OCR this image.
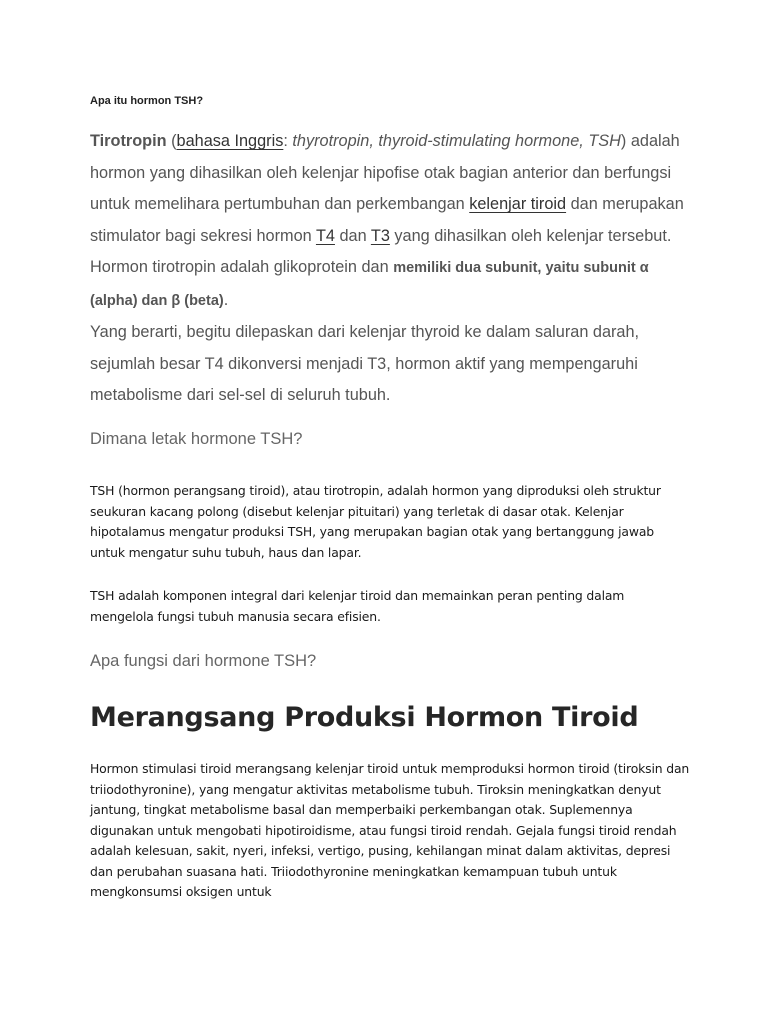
Apa itu hormon TSH?

Tirotropin (bahasa Inggris: thyrotropin, thyroid-stimulating hormone, TSH) adalah hormon yang dihasilkan oleh kelenjar hipofise otak bagian anterior dan berfungsi untuk memelihara pertumbuhan dan perkembangan kelenjar tiroid dan merupakan stimulator bagi sekresi hormon T4 dan T3 yang dihasilkan oleh kelenjar tersebut. Hormon tirotropin adalah glikoprotein dan memiliki dua subunit, yaitu subunit α (alpha) dan β (beta).
Yang berarti, begitu dilepaskan dari kelenjar thyroid ke dalam saluran darah, sejumlah besar T4 dikonversi menjadi T3, hormon aktif yang mempengaruhi metabolisme dari sel-sel di seluruh tubuh.

Dimana letak hormone TSH?

TSH (hormon perangsang tiroid), atau tirotropin, adalah hormon yang diproduksi oleh struktur seukuran kacang polong (disebut kelenjar pituitari) yang terletak di dasar otak. Kelenjar hipotalamus mengatur produksi TSH, yang merupakan bagian otak yang bertanggung jawab untuk mengatur suhu tubuh, haus dan lapar.

TSH adalah komponen integral dari kelenjar tiroid dan memainkan peran penting dalam mengelola fungsi tubuh manusia secara efisien.

Apa fungsi dari hormone TSH?

Merangsang Produksi Hormon Tiroid

Hormon stimulasi tiroid merangsang kelenjar tiroid untuk memproduksi hormon tiroid (tiroksin dan triiodothyronine), yang mengatur aktivitas metabolisme tubuh. Tiroksin meningkatkan denyut jantung, tingkat metabolisme basal dan memperbaiki perkembangan otak. Suplemennya digunakan untuk mengobati hipotiroidisme, atau fungsi tiroid rendah. Gejala fungsi tiroid rendah adalah kelesuan, sakit, nyeri, infeksi, vertigo, pusing, kehilangan minat dalam aktivitas, depresi dan perubahan suasana hati. Triiodothyronine meningkatkan kemampuan tubuh untuk mengkonsumsi oksigen untuk
